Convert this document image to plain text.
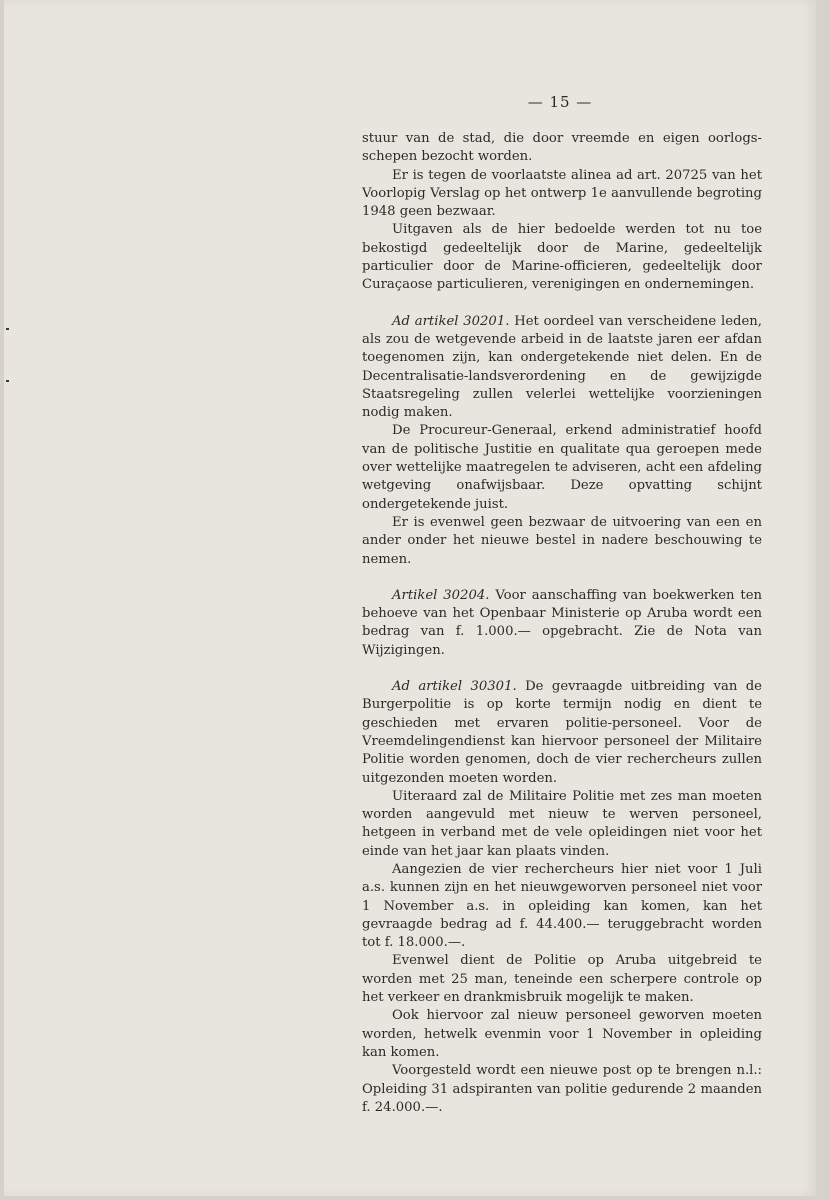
— 15 —

stuur van de stad, die door vreemde en eigen oorlogs-schepen bezocht worden.

Er is tegen de voorlaatste alinea ad art. 20725 van het Voorlopig Verslag op het ontwerp 1e aanvullende begroting 1948 geen bezwaar.

Uitgaven als de hier bedoelde werden tot nu toe bekostigd gedeeltelijk door de Marine, gedeeltelijk particulier door de Marine-officieren, gedeeltelijk door Curaçaose particulieren, verenigingen en ondernemingen.

Ad artikel 30201. Het oordeel van verscheidene leden, als zou de wetgevende arbeid in de laatste jaren eer afdan toegenomen zijn, kan ondergetekende niet delen. En de Decentralisatie-landsverordening en de gewijzigde Staatsregeling zullen velerlei wettelijke voorzieningen nodig maken.

De Procureur-Generaal, erkend administratief hoofd van de politische Justitie en qualitate qua geroepen mede over wettelijke maatregelen te adviseren, acht een afdeling wetgeving onafwijsbaar. Deze opvatting schijnt ondergetekende juist.

Er is evenwel geen bezwaar de uitvoering van een en ander onder het nieuwe bestel in nadere beschouwing te nemen.

Artikel 30204. Voor aanschaffing van boekwerken ten behoeve van het Openbaar Ministerie op Aruba wordt een bedrag van f. 1.000.— opgebracht. Zie de Nota van Wijzigingen.

Ad artikel 30301. De gevraagde uitbreiding van de Burgerpolitie is op korte termijn nodig en dient te geschieden met ervaren politie-personeel. Voor de Vreemdelingendienst kan hiervoor personeel der Militaire Politie worden genomen, doch de vier rechercheurs zullen uitgezonden moeten worden.

Uiteraard zal de Militaire Politie met zes man moeten worden aangevuld met nieuw te werven personeel, hetgeen in verband met de vele opleidingen niet voor het einde van het jaar kan plaats vinden.

Aangezien de vier rechercheurs hier niet voor 1 Juli a.s. kunnen zijn en het nieuwgeworven personeel niet voor 1 November a.s. in opleiding kan komen, kan het gevraagde bedrag ad f. 44.400.— teruggebracht worden tot f. 18.000.—.

Evenwel dient de Politie op Aruba uitgebreid te worden met 25 man, teneinde een scherpere controle op het verkeer en drankmisbruik mogelijk te maken.

Ook hiervoor zal nieuw personeel geworven moeten worden, hetwelk evenmin voor 1 November in opleiding kan komen.

Voorgesteld wordt een nieuwe post op te brengen n.l.: Opleiding 31 adspiranten van politie gedurende 2 maanden f. 24.000.—.
